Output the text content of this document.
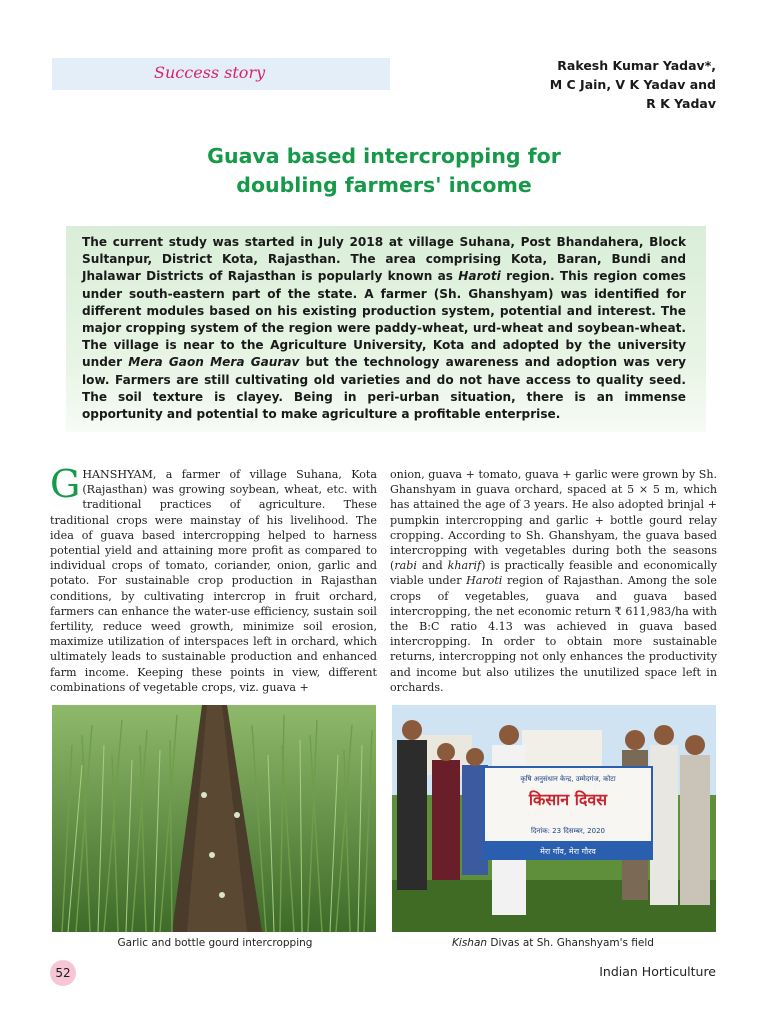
Success story	Rakesh Kumar Yadav*,
M C Jain, V K Yadav and
R K Yadav
Guava based intercropping for
doubling farmers' income

The current study was started in July 2018 at village Suhana, Post Bhandahera, Block Sultanpur, District Kota, Rajasthan. The area comprising Kota, Baran, Bundi and Jhalawar Districts of Rajasthan is popularly known as Haroti region. This region comes under south-eastern part of the state. A farmer (Sh. Ghanshyam) was identified for different modules based on his existing production system, potential and interest. The major cropping system of the region were paddy-wheat, urd-wheat and soybean-wheat. The village is near to the Agriculture University, Kota and adopted by the university under Mera Gaon Mera Gaurav but the technology awareness and adoption was very low. Farmers are still cultivating old varieties and do not have access to quality seed. The soil texture is clayey. Being in peri-urban situation, there is an immense opportunity and potential to make agriculture a profitable enterprise.

GHANSHYAM, a farmer of village Suhana, Kota (Rajasthan) was growing soybean, wheat, etc. with traditional practices of agriculture. These traditional crops were mainstay of his livelihood. The idea of guava based intercropping helped to harness potential yield and attaining more profit as compared to individual crops of tomato, coriander, onion, garlic and potato. For sustainable crop production in Rajasthan conditions, by cultivating intercrop in fruit orchard, farmers can enhance the water-use efficiency, sustain soil fertility, reduce weed growth, minimize soil erosion, maximize utilization of interspaces left in orchard, which ultimately leads to sustainable production and enhanced farm income. Keeping these points in view, different combinations of vegetable crops, viz. guava +

onion, guava + tomato, guava + garlic were grown by Sh. Ghanshyam in guava orchard, spaced at 5 × 5 m, which has attained the age of 3 years. He also adopted brinjal + pumpkin intercropping and garlic + bottle gourd relay cropping. According to Sh. Ghanshyam, the guava based intercropping with vegetables during both the seasons (rabi and kharif) is practically feasible and economically viable under Haroti region of Rajasthan. Among the sole crops of vegetables, guava and guava based intercropping, the net economic return ₹ 611,983/ha with the B:C ratio 4.13 was achieved in guava based intercropping. In order to obtain more sustainable returns, intercropping not only enhances the productivity and income but also utilizes the unutilized space left in orchards.

कृषि अनुसंधान केन्द्र, उम्मेदगंज, कोटा
किसान दिवस
दिनांक: 23 दिसम्बर, 2020
मेरा गाँव, मेरा गौरव
Garlic and bottle gourd intercropping	Kishan Divas at Sh. Ghanshyam's field
52	Indian Horticulture
